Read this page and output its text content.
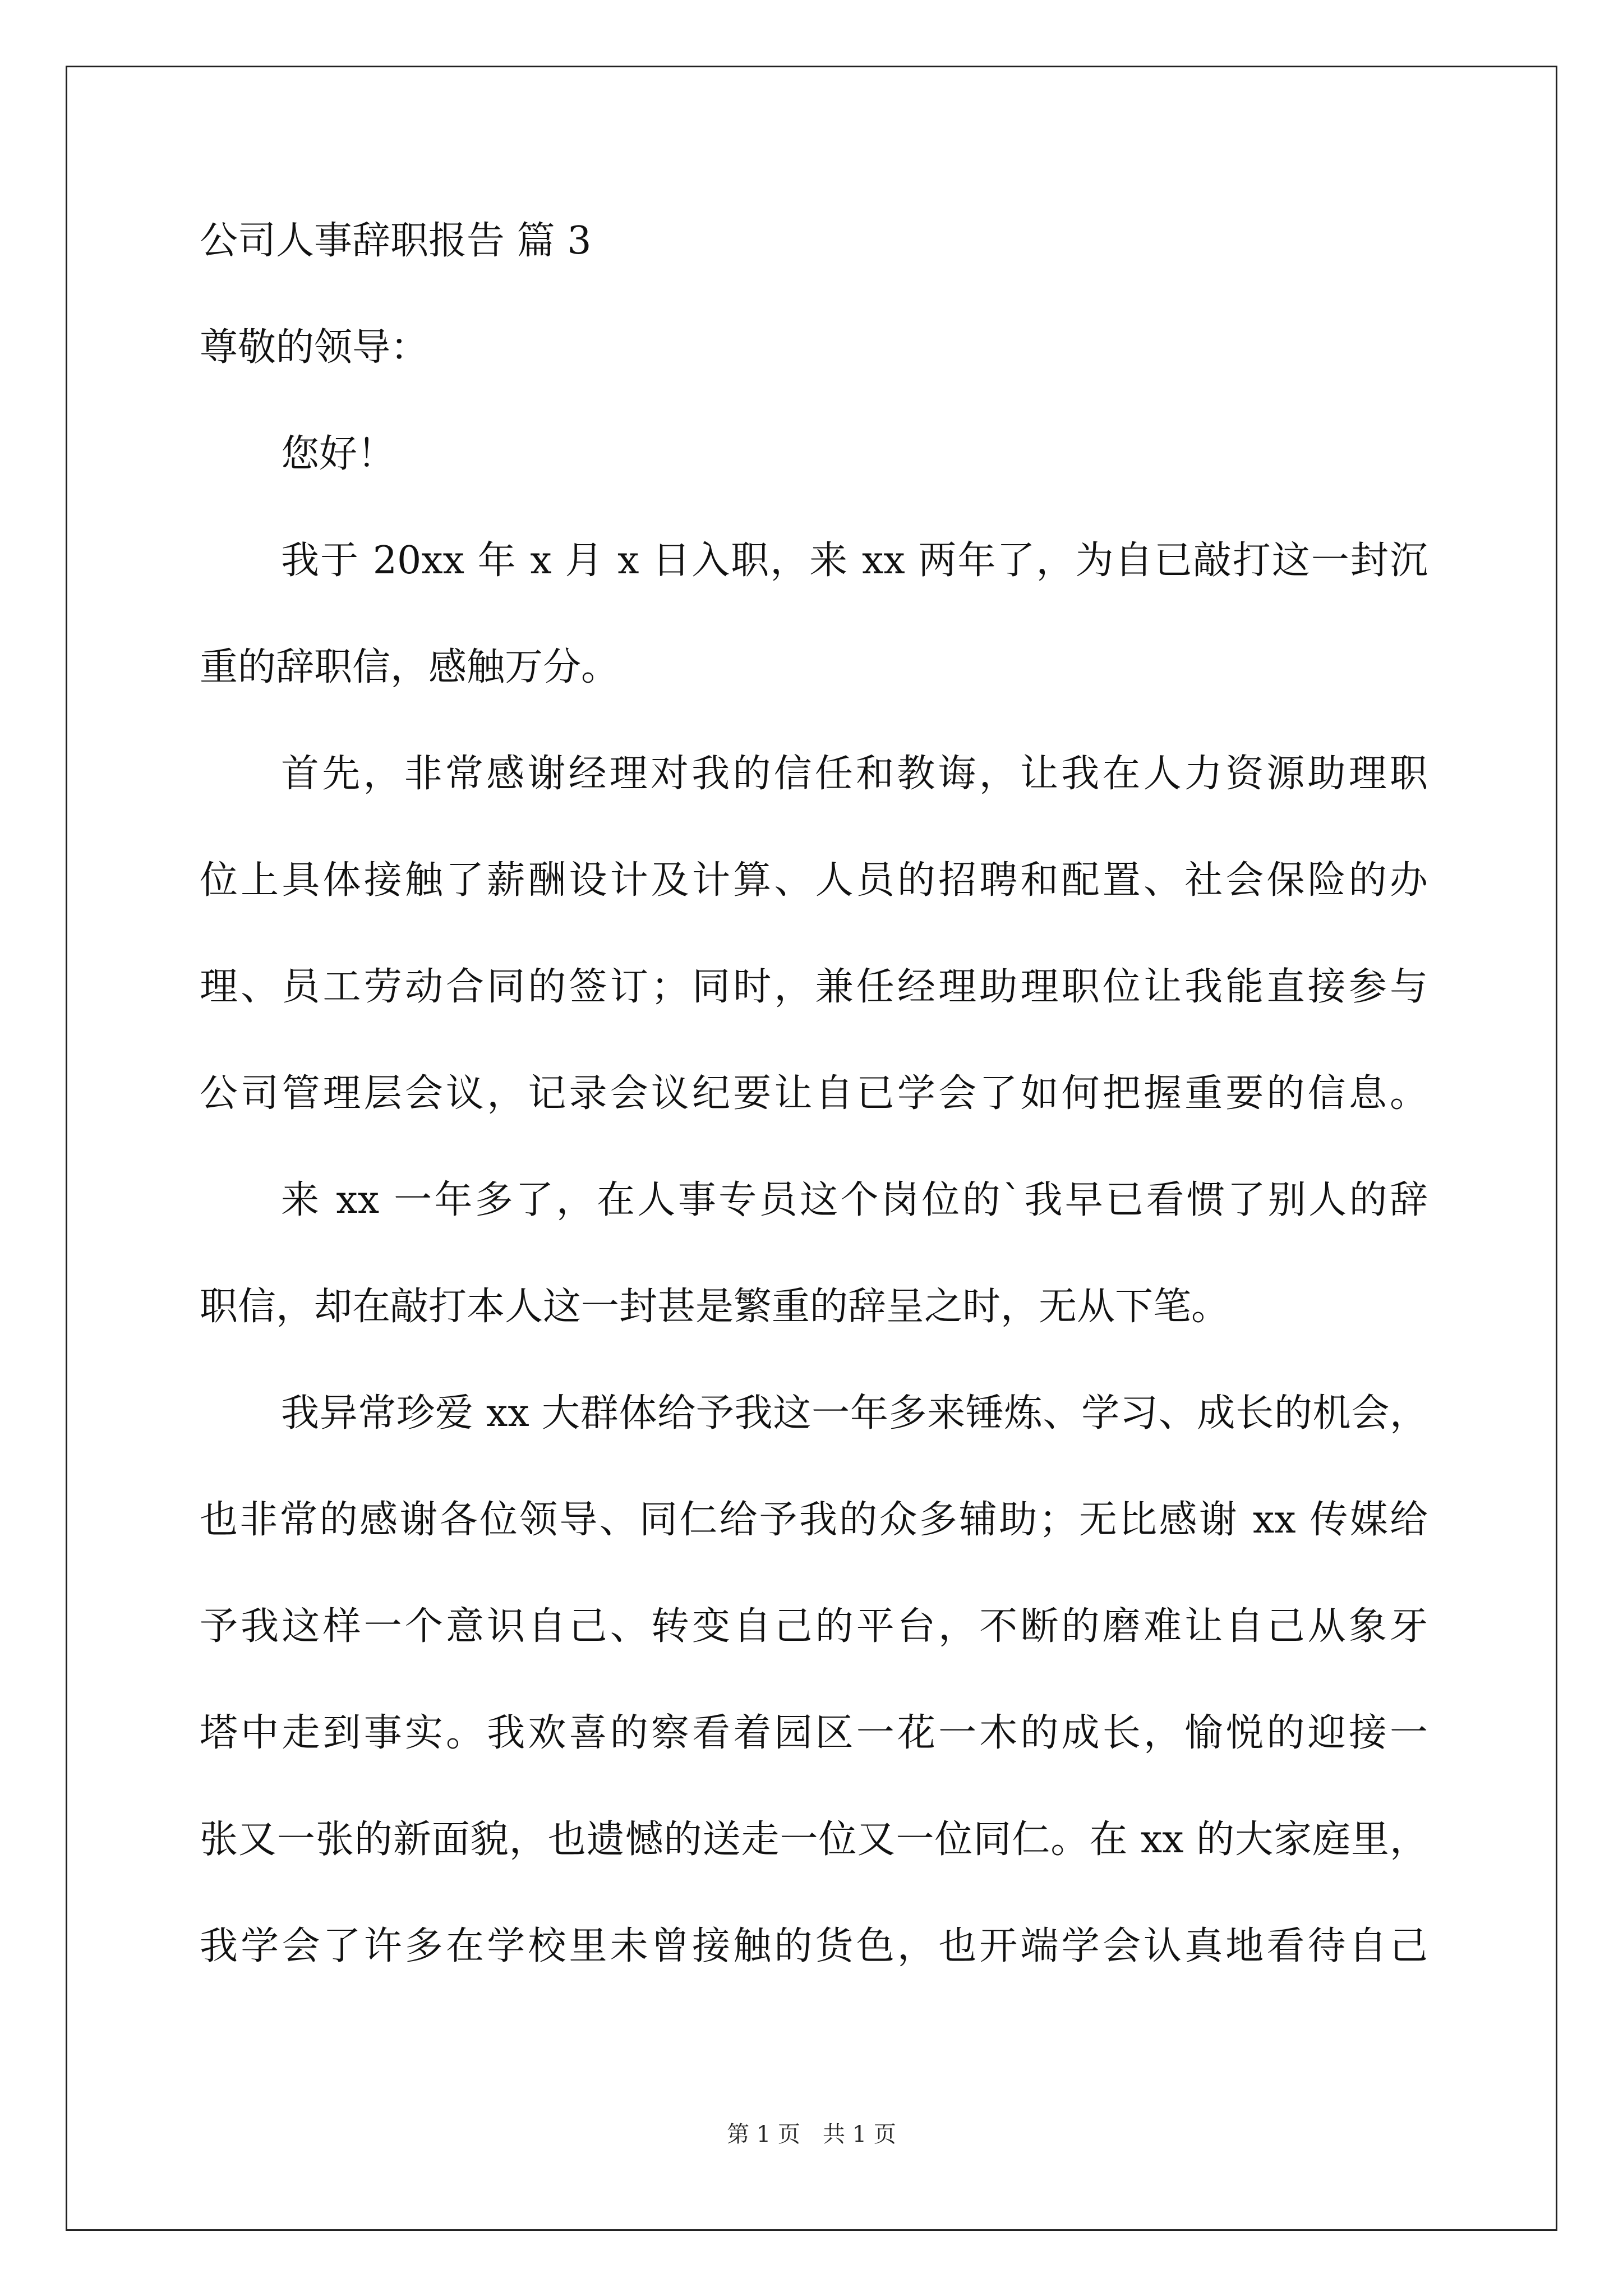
公司人事辞职报告 篇 3
尊敬的领导：
您好！
我于 20xx 年 x 月 x 日入职，来 xx 两年了，为自已敲打这一封沉
重的辞职信，感触万分。
首先，非常感谢经理对我的信任和教诲，让我在人力资源助理职
位上具体接触了薪酬设计及计算、人员的招聘和配置、社会保险的办
理、员工劳动合同的签订；同时，兼任经理助理职位让我能直接参与
公司管理层会议，记录会议纪要让自已学会了如何把握重要的信息。
来 xx 一年多了，在人事专员这个岗位的`我早已看惯了别人的辞
职信，却在敲打本人这一封甚是繁重的辞呈之时，无从下笔。
我异常珍爱 xx 大群体给予我这一年多来锤炼、学习、成长的机会，
也非常的感谢各位领导、同仁给予我的众多辅助；无比感谢 xx 传媒给
予我这样一个意识自己、转变自己的平台，不断的磨难让自己从象牙
塔中走到事实。我欢喜的察看着园区一花一木的成长，愉悦的迎接一
张又一张的新面貌，也遗憾的送走一位又一位同仁。在 xx 的大家庭里，
我学会了许多在学校里未曾接触的货色，也开端学会认真地看待自己
第 1 页　共 1 页
